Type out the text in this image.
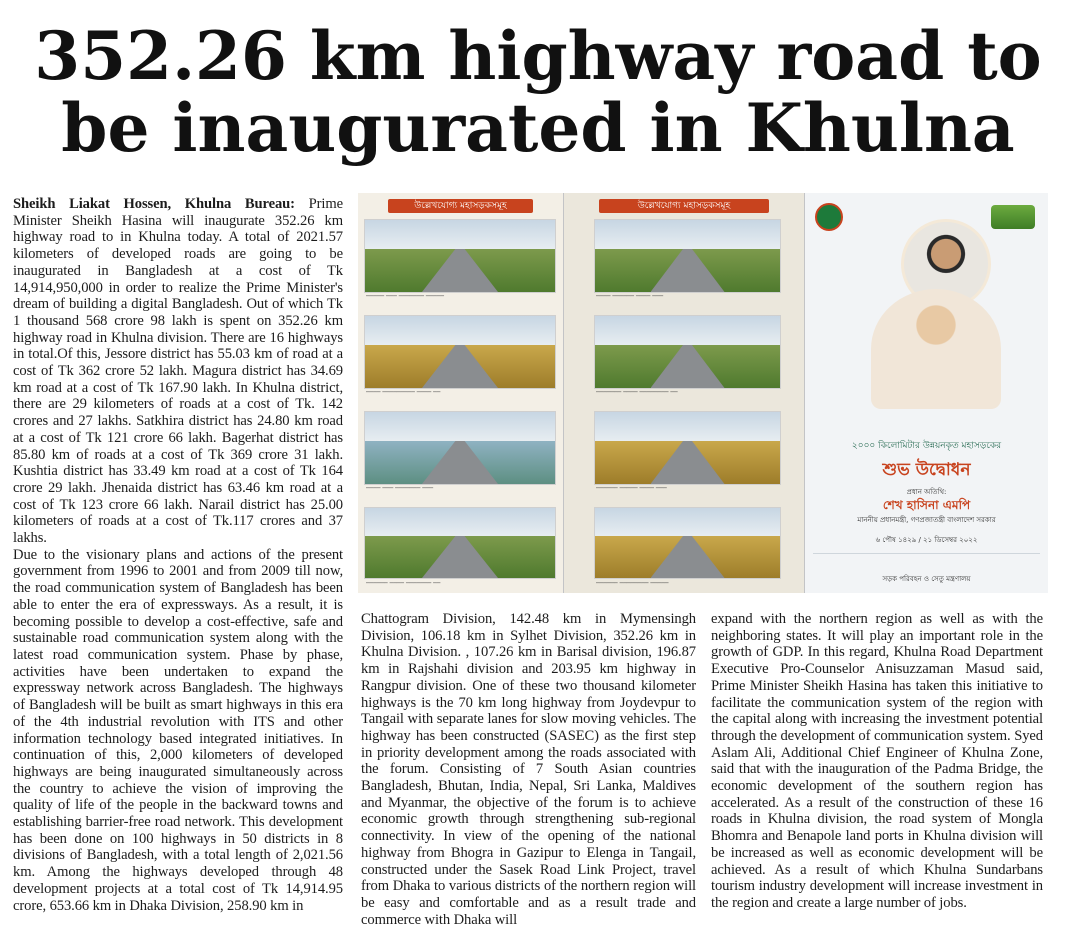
352.26 km highway road to be inaugurated in Khulna

Sheikh Liakat Hossen, Khulna Bureau: Prime Minister Sheikh Hasina will inaugurate 352.26 km highway road to in Khulna today. A total of 2021.57 kilometers of developed roads are going to be inaugurated in Bangladesh at a cost of Tk 14,914,950,000 in order to realize the Prime Minister's dream of building a digital Bangladesh. Out of which Tk 1 thousand 568 crore 98 lakh is spent on 352.26 km highway road in Khulna division. There are 16 highways in total.Of this, Jessore district has 55.03 km of road at a cost of Tk 362 crore 52 lakh. Magura district has 34.69 km road at a cost of Tk 167.90 lakh. In Khulna district, there are 29 kilometers of roads at a cost of Tk. 142 crores and 27 lakhs. Satkhira district has 24.80 km road at a cost of Tk 121 crore 66 lakh. Bagerhat district has 85.80 km of roads at a cost of Tk 369 crore 31 lakh. Kushtia district has 33.49 km road at a cost of Tk 164 crore 29 lakh. Jhenaida district has 63.46 km road at a cost of Tk 123 crore 66 lakh. Narail district has 25.00 kilometers of roads at a cost of Tk.117 crores and 37 lakhs.

Due to the visionary plans and actions of the present government from 1996 to 2001 and from 2009 till now, the road communication system of Bangladesh has been able to enter the era of expressways. As a result, it is becoming possible to develop a cost-effective, safe and sustainable road communication system along with the latest road communication system. Phase by phase, activities have been undertaken to expand the expressway network across Bangladesh. The highways of Bangladesh will be built as smart highways in this era of the 4th industrial revolution with ITS and other information technology based integrated initiatives. In continuation of this, 2,000 kilometers of developed highways are being inaugurated simultaneously across the country to achieve the vision of improving the quality of life of the people in the backward towns and establishing barrier-free road network. This development has been done on 100 highways in 50 districts in 8 divisions of Bangladesh, with a total length of 2,021.56 km. Among the highways developed through 48 development projects at a total cost of Tk 14,914.95 crore, 653.66 km in Dhaka Division, 258.90 km in

Chattogram Division, 142.48 km in Mymensingh Division, 106.18 km in Sylhet Division, 352.26 km in Khulna Division. , 107.26 km in Barisal division, 196.87 km in Rajshahi division and 203.95 km highway in Rangpur division. One of these two thousand kilometer highways is the 70 km long highway from Joydevpur to Tangail with separate lanes for slow moving vehicles. The highway has been constructed (SASEC) as the first step in priority development among the roads associated with the forum. Consisting of 7 South Asian countries Bangladesh, Bhutan, India, Nepal, Sri Lanka, Maldives and Myanmar, the objective of the forum is to achieve economic growth through strengthening sub-regional connectivity. In view of the opening of the national highway from Bhogra in Gazipur to Elenga in Tangail, constructed under the Sasek Road Link Project, travel from Dhaka to various districts of the northern region will be easy and comfortable and as a result trade and commerce with Dhaka will

expand with the northern region as well as with the neighboring states. It will play an important role in the growth of GDP. In this regard, Khulna Road Department Executive Pro-Counselor Anisuzzaman Masud said, Prime Minister Sheikh Hasina has taken this initiative to facilitate the communication system of the region with the capital along with increasing the investment potential through the development of communication system. Syed Aslam Ali, Additional Chief Engineer of Khulna Zone, said that with the inauguration of the Padma Bridge, the economic development of the southern region has accelerated. As a result of the construction of these 16 roads in Khulna division, the road system of Mongla Bhomra and Benapole land ports in Khulna division will be increased as well as economic development will be achieved. As a result of which Khulna Sundarbans tourism industry development will increase investment in the region and create a large number of jobs.

উল্লেখযোগ্য মহাসড়কসমূহ
───── ─── ─────── ─────
──── ───────── ──── ──
──── ─── ─────── ───
────── ──── ─────── ──
উল্লেখযোগ্য মহাসড়কসমূহ
──── ────── ──── ───
─────── ──── ──────── ──
────── ───── ──── ───
────── ──────── ─────
২০০০ কিলোমিটার উন্নয়নকৃত মহাসড়কের
শুভ উদ্বোধন
প্রধান অতিথি:
শেখ হাসিনা এমপি
মাননীয় প্রধানমন্ত্রী, গণপ্রজাতন্ত্রী বাংলাদেশ সরকার
৬ পৌষ ১৪২৯ / ২১ ডিসেম্বর ২০২২
সড়ক পরিবহন ও সেতু মন্ত্রণালয়
